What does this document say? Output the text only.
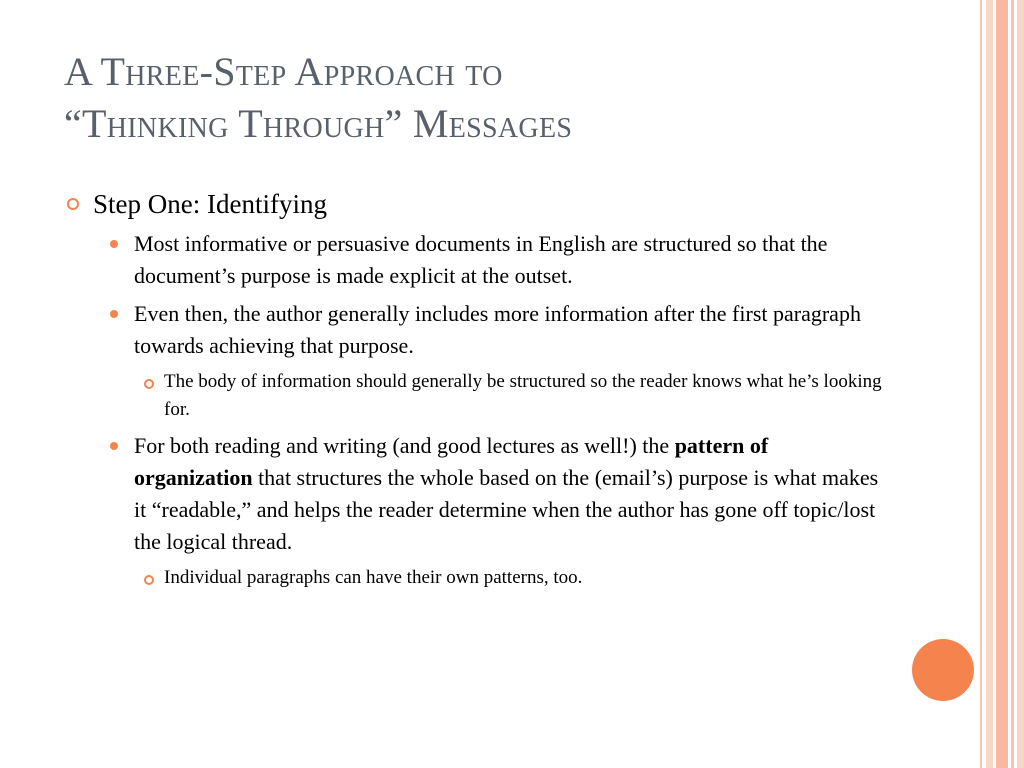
A Three-Step Approach to
“Thinking Through” Messages
Step One: Identifying
Most informative or persuasive documents in English are structured so that the document’s purpose is made explicit at the outset.
Even then, the author generally includes more information after the first paragraph towards achieving that purpose.
The body of information should generally be structured so the reader knows what he’s looking for.
For both reading and writing (and good lectures as well!) the pattern of organization that structures the whole based on the (email’s) purpose is what makes it “readable,” and helps the reader determine when the author has gone off topic/lost the logical thread.
Individual paragraphs can have their own patterns, too.
